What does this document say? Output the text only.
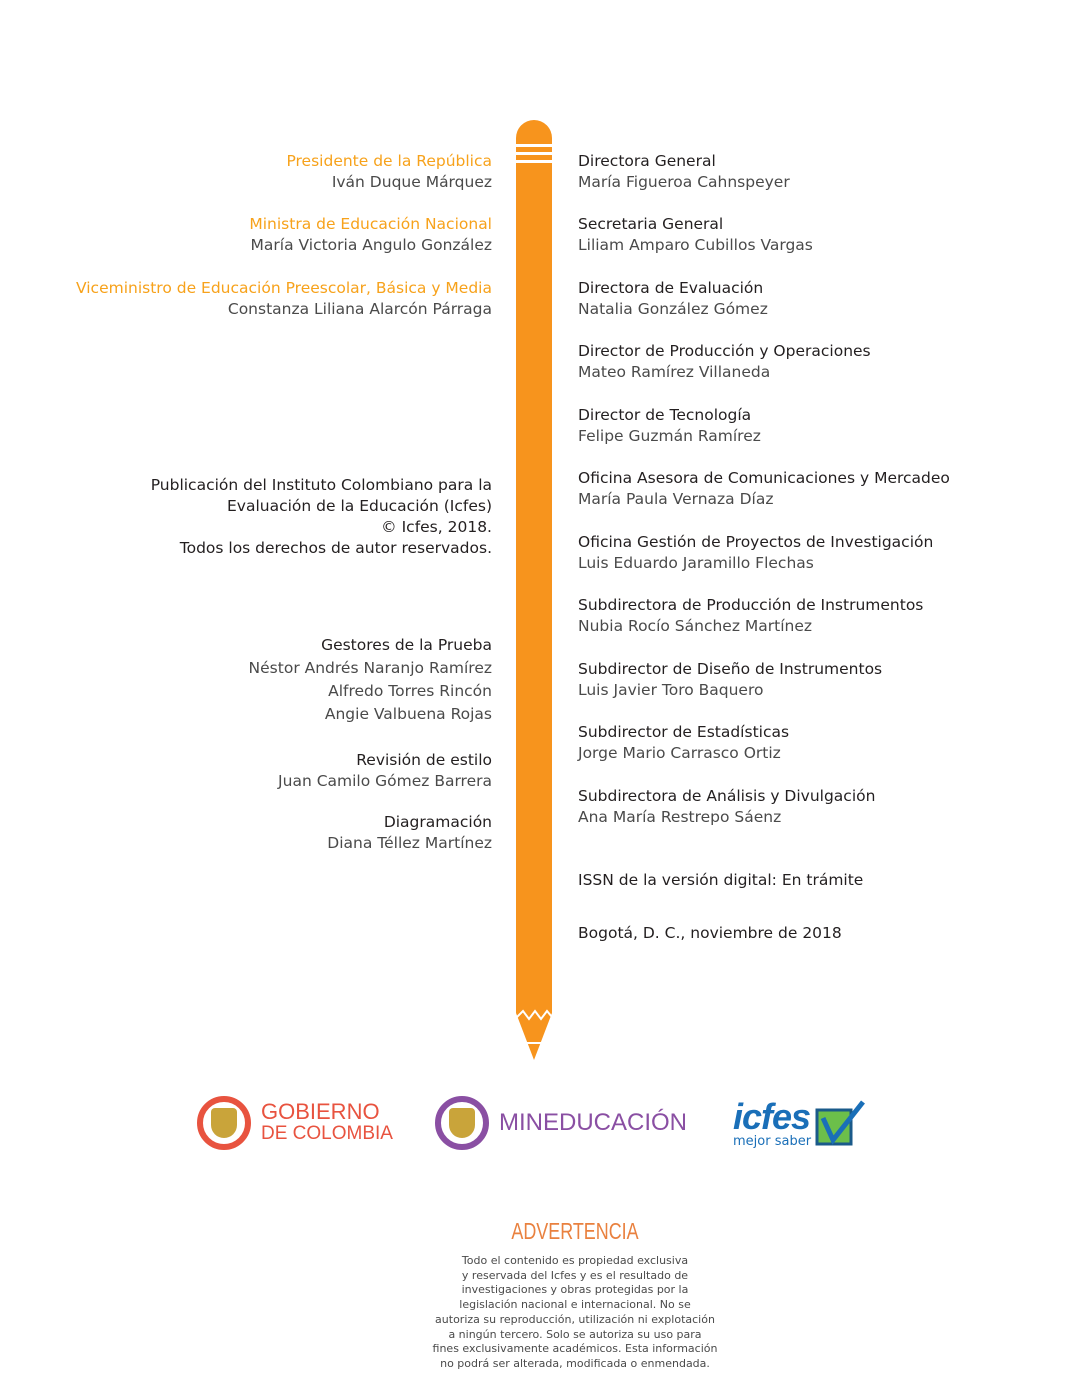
Presidente de la República
Iván Duque Márquez
Ministra de Educación Nacional
María Victoria Angulo González
Viceministro de Educación Preescolar, Básica y Media
Constanza Liliana Alarcón Párraga
Publicación del Instituto Colombiano para la
Evaluación de la Educación (Icfes)
© Icfes, 2018.
Todos los derechos de autor reservados.
Gestores de la Prueba
Néstor Andrés Naranjo Ramírez
Alfredo Torres Rincón
Angie Valbuena Rojas
Revisión de estilo
Juan Camilo Gómez Barrera
Diagramación
Diana Téllez Martínez
Directora General
María Figueroa Cahnspeyer
Secretaria General
Liliam Amparo Cubillos Vargas
Directora de Evaluación
Natalia González Gómez
Director de Producción y Operaciones
Mateo Ramírez Villaneda
Director de Tecnología
Felipe Guzmán Ramírez
Oficina Asesora de Comunicaciones y Mercadeo
María Paula Vernaza Díaz
Oficina Gestión de Proyectos de Investigación
Luis Eduardo Jaramillo Flechas
Subdirectora de Producción de Instrumentos
Nubia Rocío Sánchez Martínez
Subdirector de Diseño de Instrumentos
Luis Javier Toro Baquero
Subdirector de Estadísticas
Jorge Mario Carrasco Ortiz
Subdirectora de Análisis y Divulgación
Ana María Restrepo Sáenz
ISSN de la versión digital: En trámite
Bogotá, D. C., noviembre de 2018
GOBIERNO
DE COLOMBIA	MINEDUCACIÓN icfes
mejor saber
ADVERTENCIA
Todo el contenido es propiedad exclusiva
y reservada del Icfes y es el resultado de
investigaciones y obras protegidas por la
legislación nacional e internacional. No se
autoriza su reproducción, utilización ni explotación
a ningún tercero. Solo se autoriza su uso para
fines exclusivamente académicos. Esta información
no podrá ser alterada, modificada o enmendada.
